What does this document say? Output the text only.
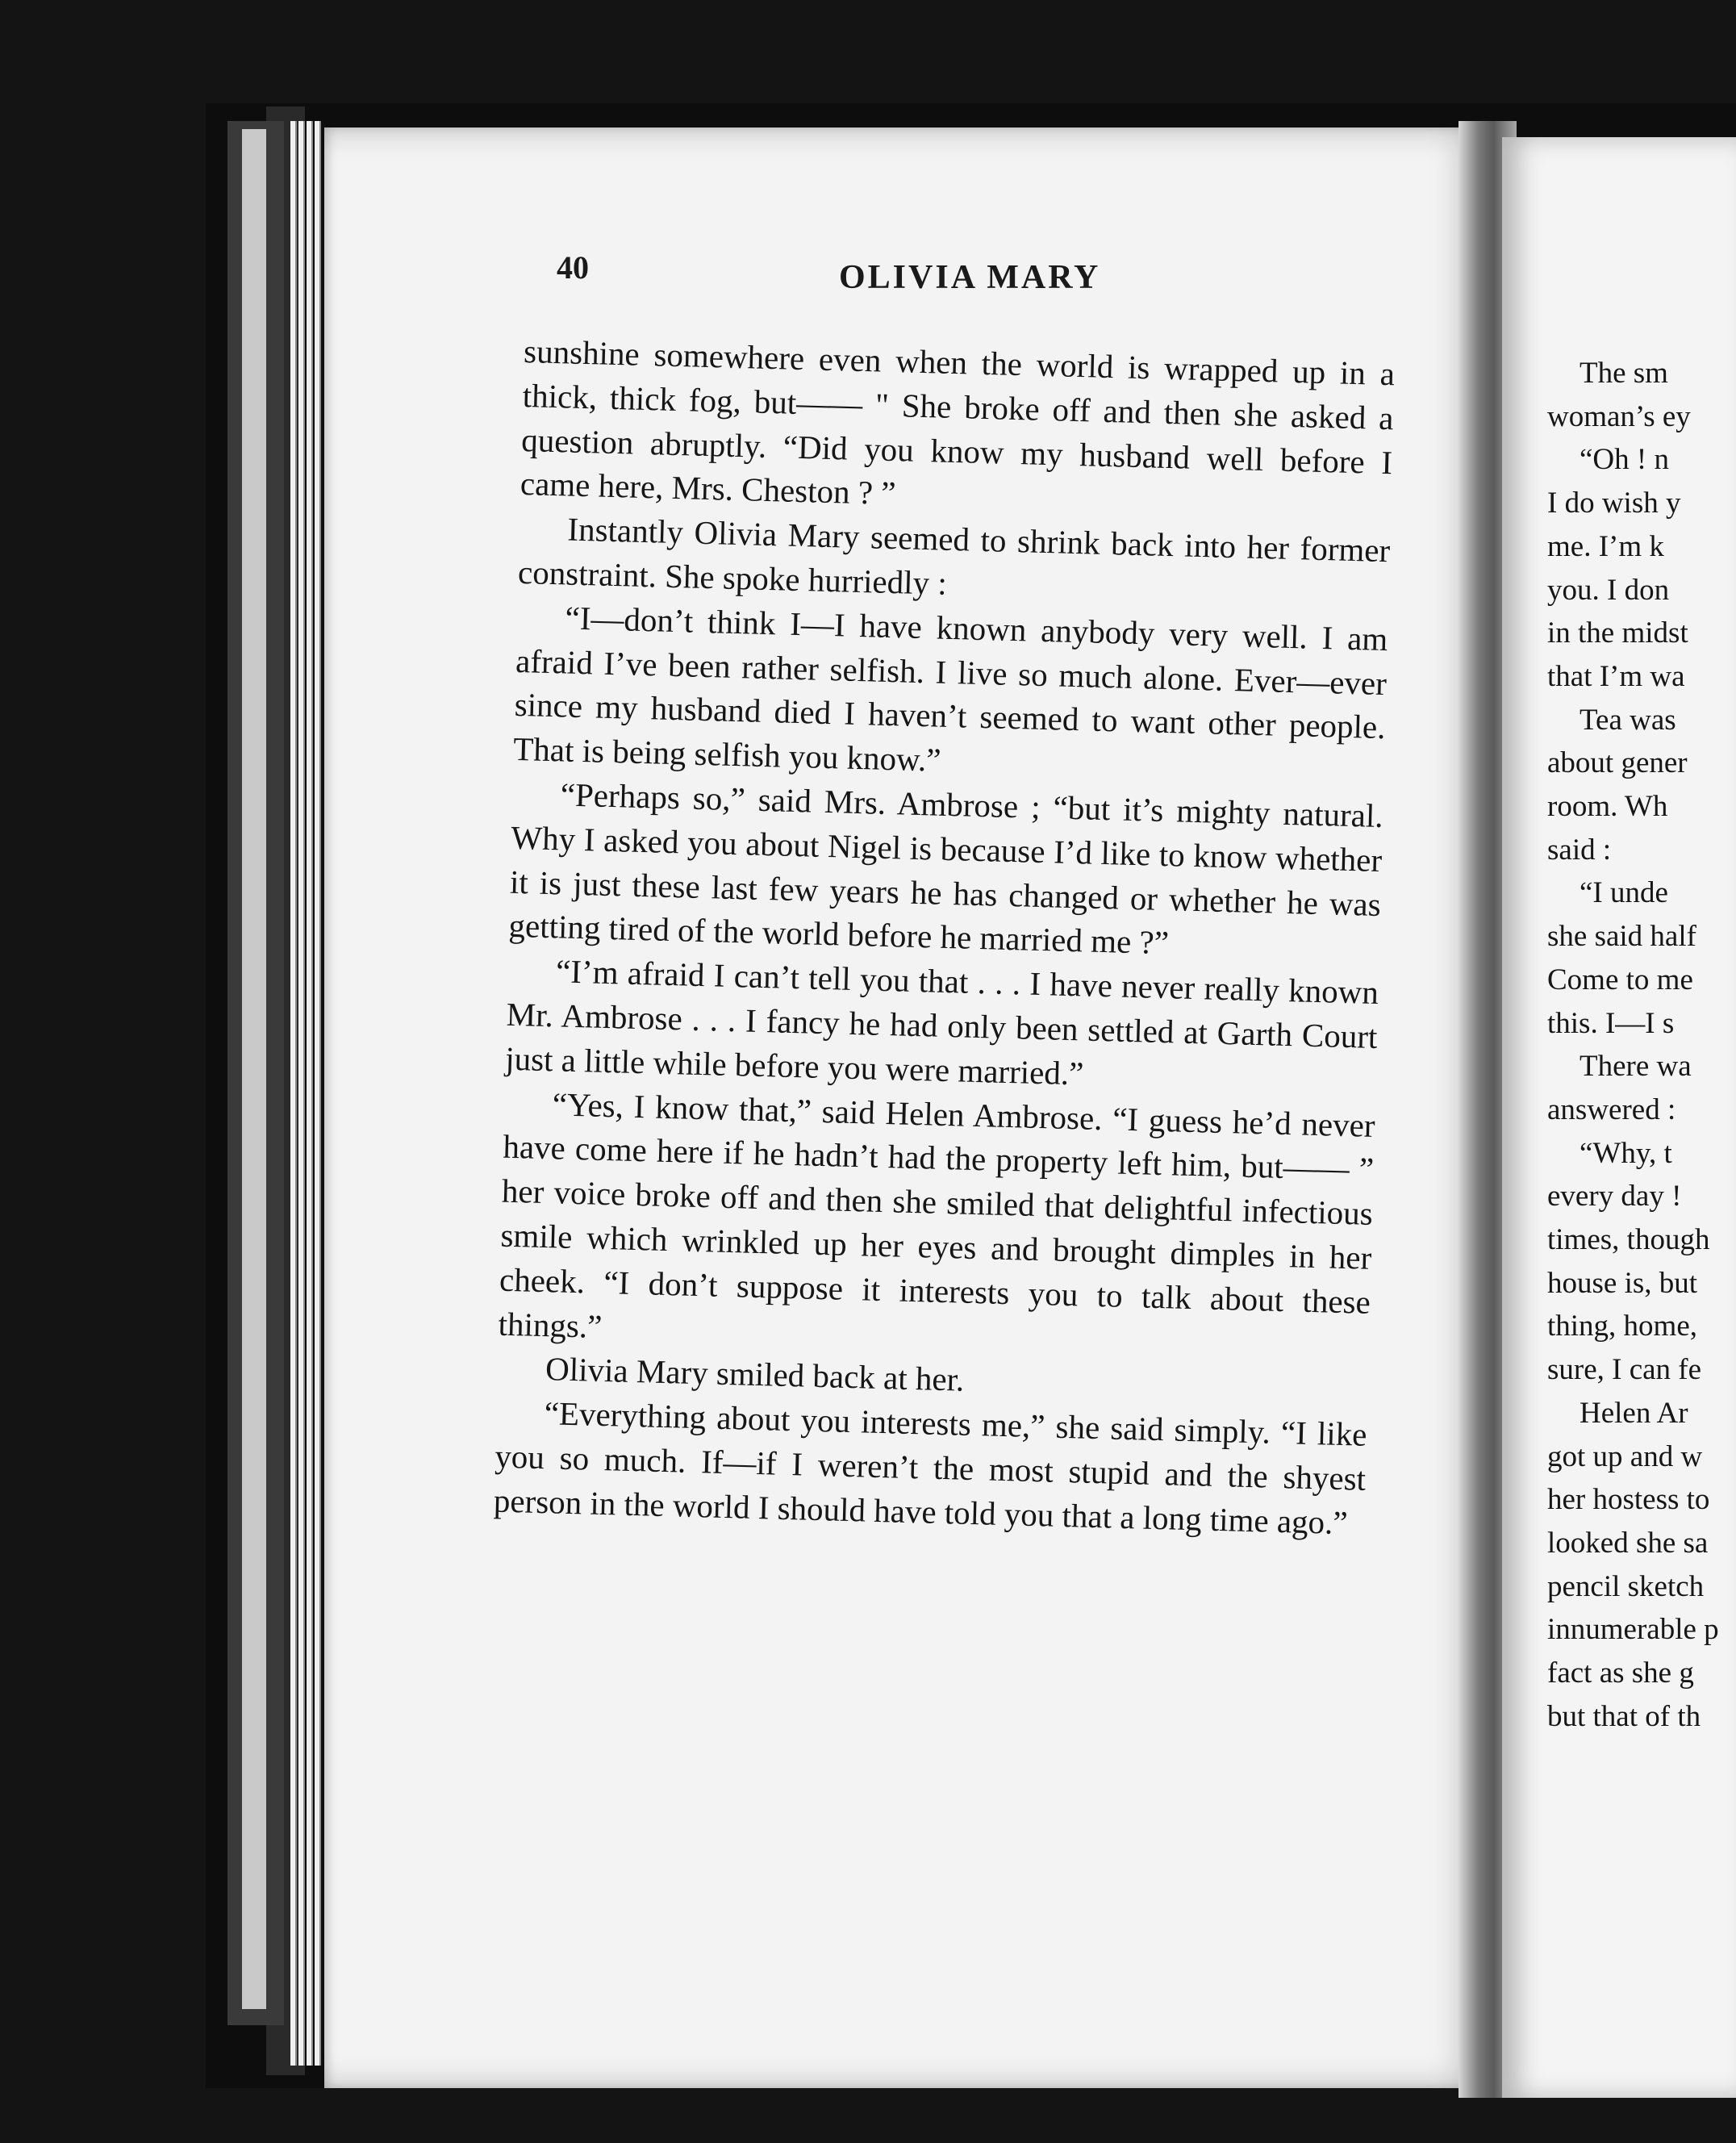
40	OLIVIA MARY

sunshine somewhere even when the world is wrapped up in a thick, thick fog, but—— " She broke off and then she asked a question abruptly. “Did you know my husband well before I came here, Mrs. Cheston ? ”

Instantly Olivia Mary seemed to shrink back into her former constraint. She spoke hurriedly :

“I—don’t think I—I have known anybody very well. I am afraid I’ve been rather selfish. I live so much alone. Ever—ever since my husband died I haven’t seemed to want other people. That is being selfish you know.”

“Perhaps so,” said Mrs. Ambrose ; “but it’s mighty natural. Why I asked you about Nigel is because I’d like to know whether it is just these last few years he has changed or whether he was getting tired of the world before he married me ?”

“I’m afraid I can’t tell you that . . . I have never really known Mr. Ambrose . . . I fancy he had only been settled at Garth Court just a little while before you were married.”

“Yes, I know that,” said Helen Ambrose. “I guess he’d never have come here if he hadn’t had the property left him, but—— ” her voice broke off and then she smiled that delightful infectious smile which wrinkled up her eyes and brought dimples in her cheek. “I don’t suppose it interests you to talk about these things.”

Olivia Mary smiled back at her.

“Everything about you interests me,” she said simply. “I like you so much. If—if I weren’t the most stupid and the shyest person in the world I should have told you that a long time ago.”

The sm
woman’s ey
“Oh ! n
I do wish y
me. I’m k
you. I don
in the midst
that I’m wa
Tea was
about gener
room. Wh
said :
“I unde
she said half
Come to me
this. I—I s
There wa
answered :
“Why, t
every day !
times, though
house is, but
thing, home,
sure, I can fe
Helen Ar
got up and w
her hostess to
looked she sa
pencil sketch
innumerable p
fact as she g
but that of th
